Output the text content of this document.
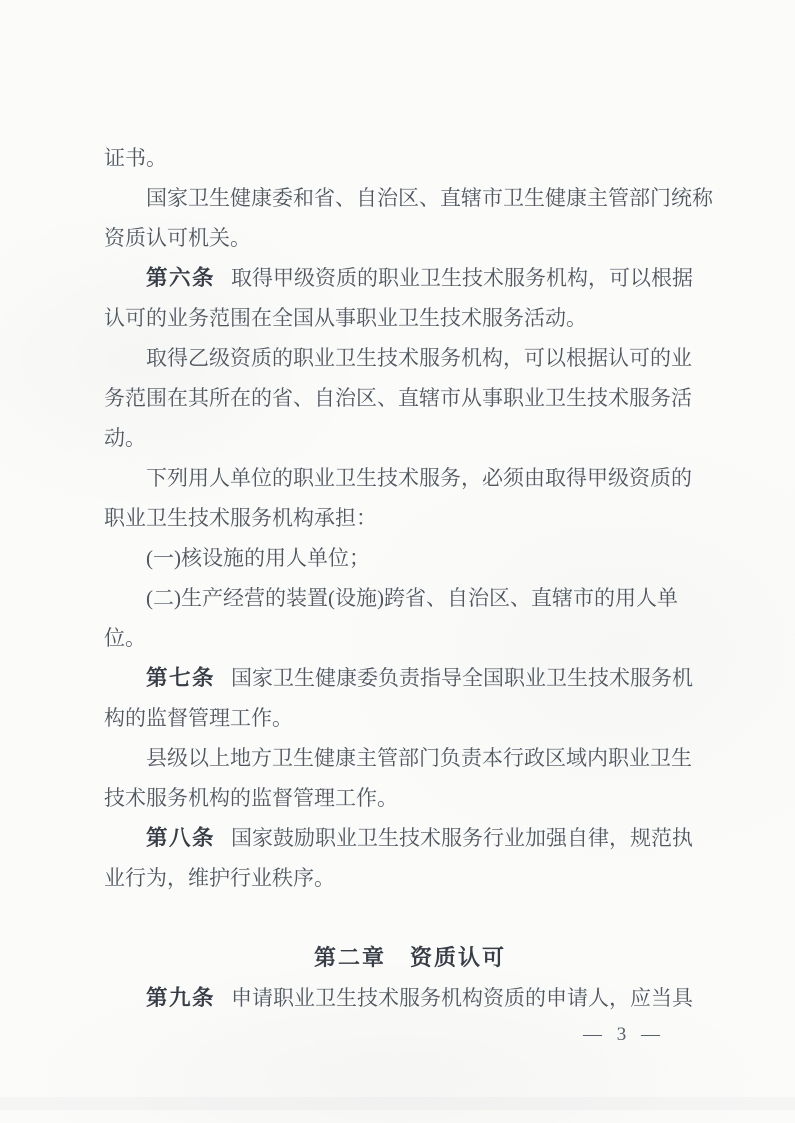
证书。
国家卫生健康委和省、自治区、直辖市卫生健康主管部门统称
资质认可机关。
第六条 取得甲级资质的职业卫生技术服务机构，可以根据
认可的业务范围在全国从事职业卫生技术服务活动。
取得乙级资质的职业卫生技术服务机构，可以根据认可的业
务范围在其所在的省、自治区、直辖市从事职业卫生技术服务活
动。
下列用人单位的职业卫生技术服务，必须由取得甲级资质的
职业卫生技术服务机构承担：
(一)核设施的用人单位；
(二)生产经营的装置(设施)跨省、自治区、直辖市的用人单
位。
第七条 国家卫生健康委负责指导全国职业卫生技术服务机
构的监督管理工作。
县级以上地方卫生健康主管部门负责本行政区域内职业卫生
技术服务机构的监督管理工作。
第八条 国家鼓励职业卫生技术服务行业加强自律，规范执
业行为，维护行业秩序。
第二章　资质认可
第九条 申请职业卫生技术服务机构资质的申请人，应当具
— 3 —
